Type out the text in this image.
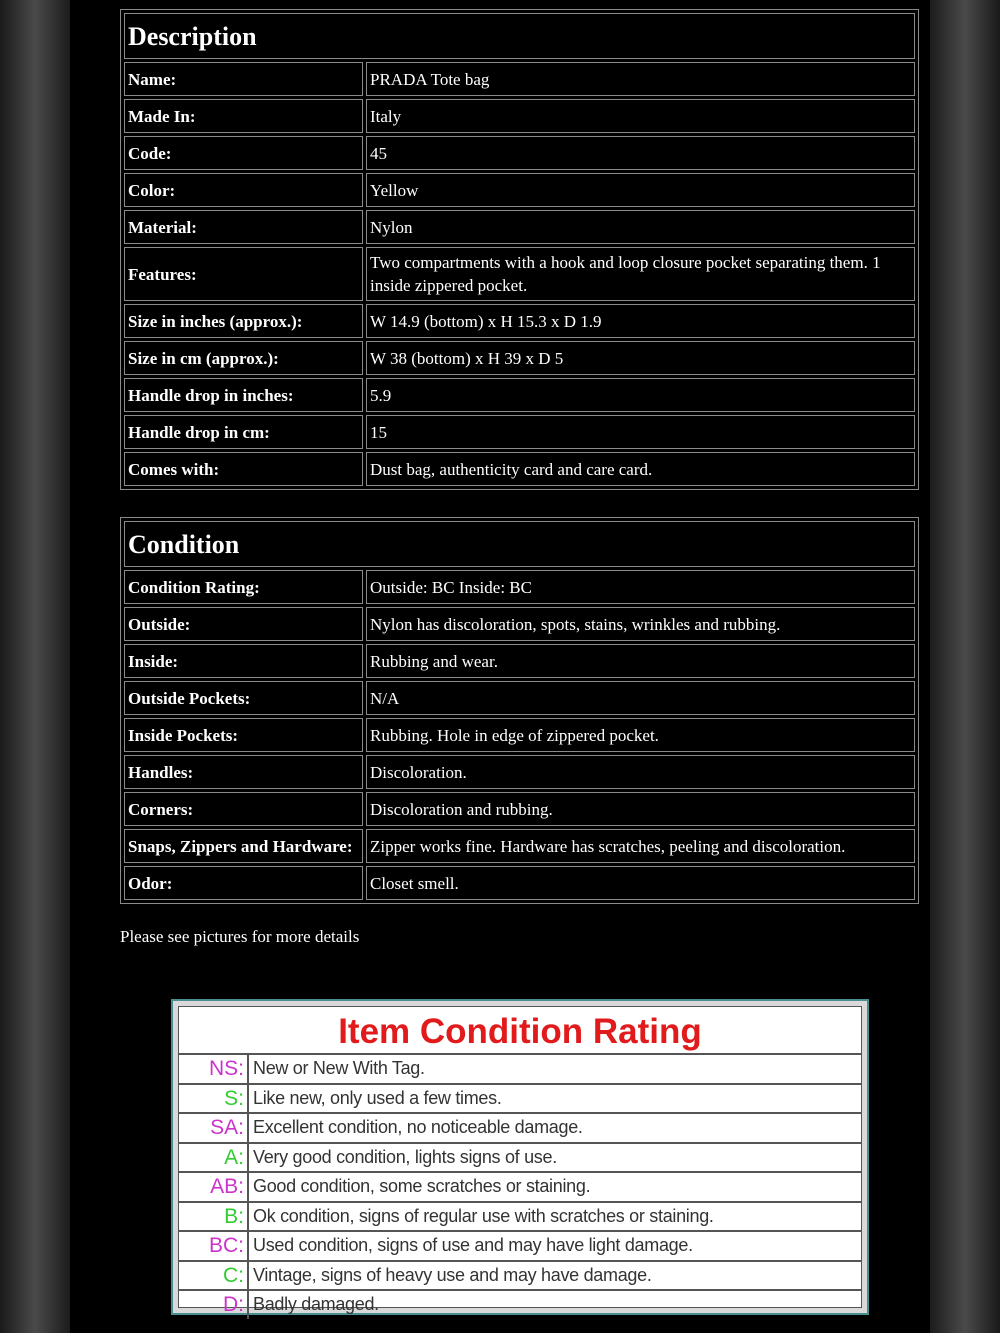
Description	
Name:	PRADA Tote bag
Made In:	Italy
Code:	45
Color:	Yellow
Material:	Nylon
Features:	Two compartments with a hook and loop closure pocket separating them. 1 inside zippered pocket.
Size in inches (approx.):	W 14.9 (bottom) x H 15.3 x D 1.9
Size in cm (approx.):	W 38 (bottom) x H 39 x D 5
Handle drop in inches:	5.9
Handle drop in cm:	15
Comes with:	Dust bag, authenticity card and care card.
Condition	
Condition Rating:	Outside: BC Inside: BC
Outside:	Nylon has discoloration, spots, stains, wrinkles and rubbing.
Inside:	Rubbing and wear.
Outside Pockets:	N/A
Inside Pockets:	Rubbing. Hole in edge of zippered pocket.
Handles:	Discoloration.
Corners:	Discoloration and rubbing.
Snaps, Zippers and Hardware:	Zipper works fine. Hardware has scratches, peeling and discoloration.
Odor:	Closet smell.
Please see pictures for more details
Item Condition Rating
NS: New or New With Tag.
S: Like new, only used a few times.
SA: Excellent condition, no noticeable damage.
A: Very good condition, lights signs of use.
AB: Good condition, some scratches or staining.
B: Ok condition, signs of regular use with scratches or staining.
BC: Used condition, signs of use and may have light damage.
C: Vintage, signs of heavy use and may have damage.
D: Badly damaged.
